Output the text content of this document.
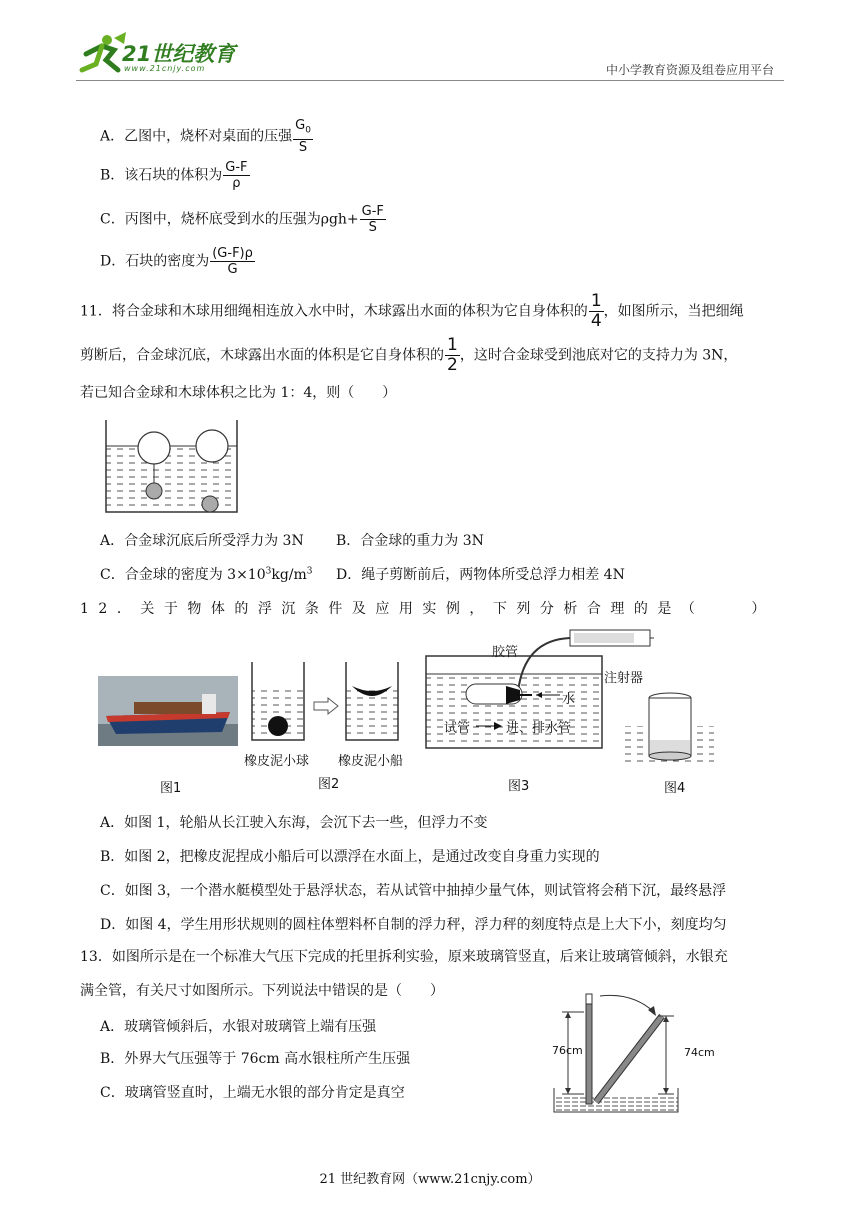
21世纪教育
www.21cnjy.com	中小学教育资源及组卷应用平台
A．乙图中，烧杯对桌面的压强 $\frac{G_0}{S}$
B．该石块的体积为 $\frac{G-F}{\rho}$
C．丙图中，烧杯底受到水的压强为$\rho gh+ \frac{G-F}{S}$
D．石块的密度为 $\frac{(G-F)\rho}{G}$
11．将合金球和木球用细绳相连放入水中时，木球露出水面的体积为它自身体积的 $\frac{1}{4}$ ，如图所示，当把细绳
剪断后，合金球沉底，木球露出水面的体积是它自身体积的 $\frac{1}{2}$ ，这时合金球受到池底对它的支持力为 3N，
若已知合金球和木球体积之比为 1：4，则（　　）
A．合金球沉底后所受浮力为 3N B．合金球的重力为 3N
C．合金球的密度为 $3\times 10^3kg/m^3$ D．绳子剪断前后，两物体所受总浮力相差 4N
12．关于物体的浮沉条件及应用实例，下列分析合理的是（　　）
图1
橡皮泥小球 橡皮泥小船
图2
胶管
注射器
水
试管	进、排水管
图3	图4
A．如图 1，轮船从长江驶入东海，会沉下去一些，但浮力不变
B．如图 2，把橡皮泥捏成小船后可以漂浮在水面上，是通过改变自身重力实现的
C．如图 3，一个潜水艇模型处于悬浮状态，若从试管中抽掉少量气体，则试管将会稍下沉，最终悬浮
D．如图 4，学生用形状规则的圆柱体塑料杯自制的浮力秤，浮力秤的刻度特点是上大下小，刻度均匀
13．如图所示是在一个标准大气压下完成的托里拆利实验，原来玻璃管竖直，后来让玻璃管倾斜，水银充
满全管，有关尺寸如图所示。下列说法中错误的是（　　）
A．玻璃管倾斜后，水银对玻璃管上端有压强
B．外界大气压强等于 76cm 高水银柱所产生压强
C．玻璃管竖直时，上端无水银的部分肯定是真空
76cm	74cm
21 世纪教育网（www.21cnjy.com）
